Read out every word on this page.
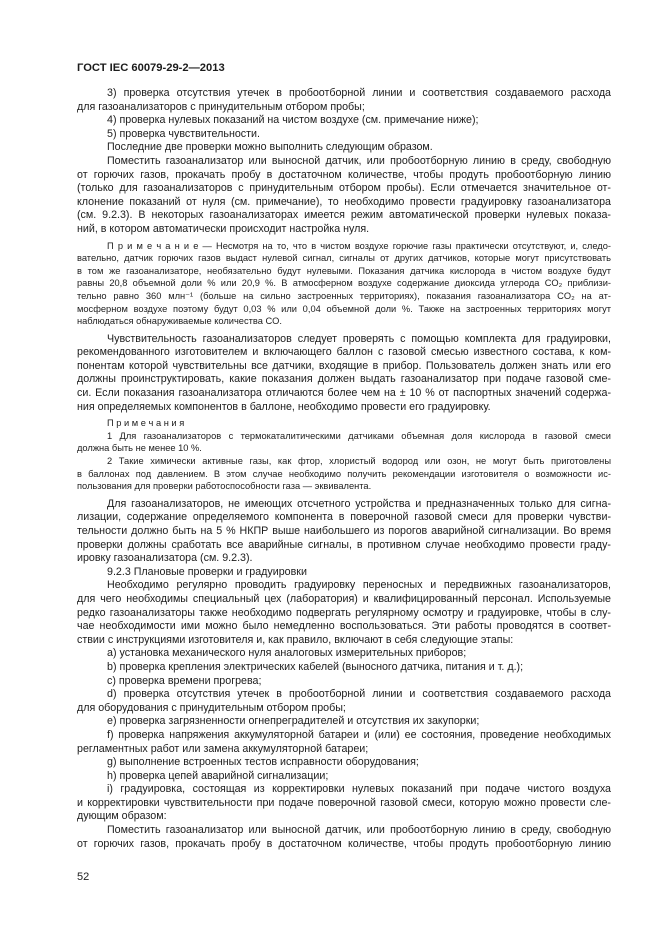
ГОСТ IEC 60079-29-2—2013
3) проверка отсутствия утечек в пробоотборной линии и соответствия создаваемого расхода
для газоанализаторов с принудительным отбором пробы;
4) проверка нулевых показаний на чистом воздухе (см. примечание ниже);
5) проверка чувствительности.
Последние две проверки можно выполнить следующим образом.
Поместить газоанализатор или выносной датчик, или пробоотборную линию в среду, свободную
от горючих газов, прокачать пробу в достаточном количестве, чтобы продуть пробоотборную линию
(только для газоанализаторов с принудительным отбором пробы). Если отмечается значительное от-
клонение показаний от нуля (см. примечание), то необходимо провести градуировку газоанализатора
(см. 9.2.3). В некоторых газоанализаторах имеется режим автоматической проверки нулевых показа-
ний, в котором автоматически происходит настройка нуля.
П р и м е ч а н и е — Несмотря на то, что в чистом воздухе горючие газы практически отсутствуют, и, следо-
вательно, датчик горючих газов выдаст нулевой сигнал, сигналы от других датчиков, которые могут присутствовать
в том же газоанализаторе, необязательно будут нулевыми. Показания датчика кислорода в чистом воздухе будут
равны 20,8 объемной доли % или 20,9 %. В атмосферном воздухе содержание диоксида углерода CO₂ приблизи-
тельно равно 360 млн⁻¹ (больше на сильно застроенных территориях), показания газоанализатора CO₂ на ат-
мосферном воздухе поэтому будут 0,03 % или 0,04 объемной доли %. Также на застроенных территориях могут
наблюдаться обнаруживаемые количества CO.
Чувствительность газоанализаторов следует проверять с помощью комплекта для градуировки,
рекомендованного изготовителем и включающего баллон с газовой смесью известного состава, к ком-
понентам которой чувствительны все датчики, входящие в прибор. Пользователь должен знать или его
должны проинструктировать, какие показания должен выдать газоанализатор при подаче газовой сме-
си. Если показания газоанализатора отличаются более чем на ± 10 % от паспортных значений содержа-
ния определяемых компонентов в баллоне, необходимо провести его градуировку.
П р и м е ч а н и я
1 Для газоанализаторов с термокаталитическими датчиками объемная доля кислорода в газовой смеси
должна быть не менее 10 %.
2 Такие химически активные газы, как фтор, хлористый водород или озон, не могут быть приготовлены
в баллонах под давлением. В этом случае необходимо получить рекомендации изготовителя о возможности ис-
пользования для проверки работоспособности газа — эквивалента.
Для газоанализаторов, не имеющих отсчетного устройства и предназначенных только для сигна-
лизации, содержание определяемого компонента в поверочной газовой смеси для проверки чувстви-
тельности должно быть на 5 % НКПР выше наибольшего из порогов аварийной сигнализации. Во время
проверки должны сработать все аварийные сигналы, в противном случае необходимо провести граду-
ировку газоанализатора (см. 9.2.3).
9.2.3 Плановые проверки и градуировки
Необходимо регулярно проводить градуировку переносных и передвижных газоанализаторов,
для чего необходимы специальный цех (лаборатория) и квалифицированный персонал. Используемые
редко газоанализаторы также необходимо подвергать регулярному осмотру и градуировке, чтобы в слу-
чае необходимости ими можно было немедленно воспользоваться. Эти работы проводятся в соответ-
ствии с инструкциями изготовителя и, как правило, включают в себя следующие этапы:
a) установка механического нуля аналоговых измерительных приборов;
b) проверка крепления электрических кабелей (выносного датчика, питания и т. д.);
c) проверка времени прогрева;
d) проверка отсутствия утечек в пробоотборной линии и соответствия создаваемого расхода
для оборудования с принудительным отбором пробы;
e) проверка загрязненности огнепреградителей и отсутствия их закупорки;
f) проверка напряжения аккумуляторной батареи и (или) ее состояния, проведение необходимых
регламентных работ или замена аккумуляторной батареи;
g) выполнение встроенных тестов исправности оборудования;
h) проверка цепей аварийной сигнализации;
i) градуировка, состоящая из корректировки нулевых показаний при подаче чистого воздуха
и корректировки чувствительности при подаче поверочной газовой смеси, которую можно провести сле-
дующим образом:
Поместить газоанализатор или выносной датчик, или пробоотборную линию в среду, свободную
от горючих газов, прокачать пробу в достаточном количестве, чтобы продуть пробоотборную линию
52
